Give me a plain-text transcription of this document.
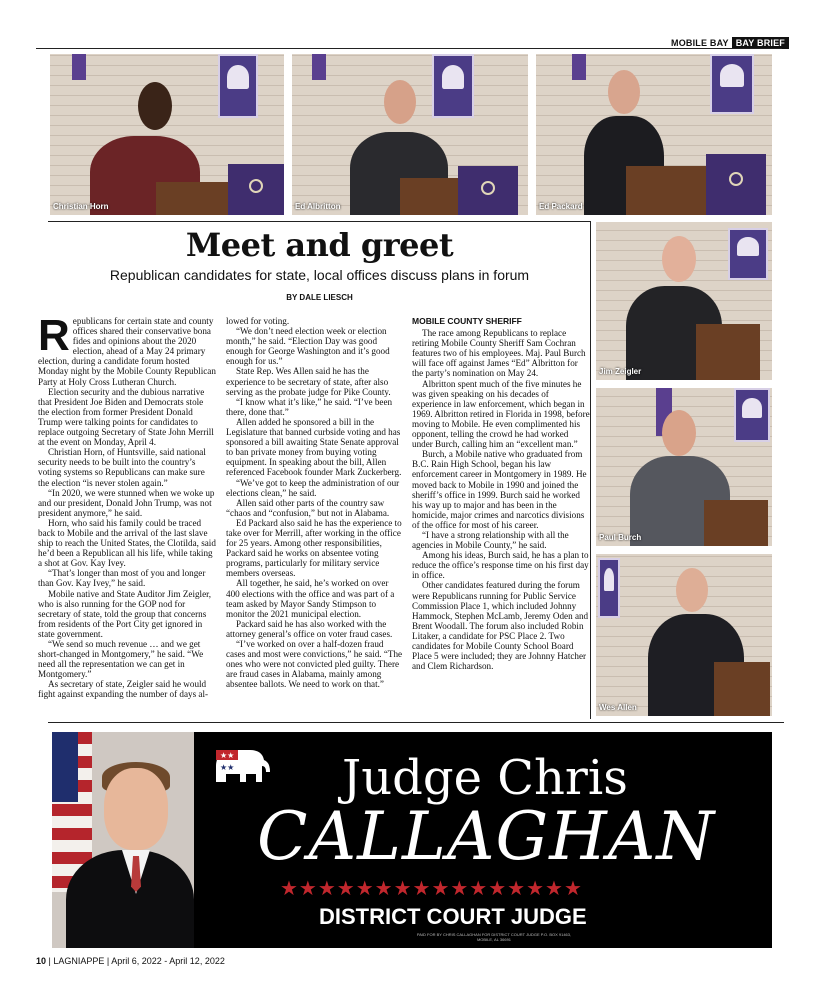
MOBILE BAY BAY BRIEF
Christian Horn	Ed Albritton	Ed Packard
Jim Zeigler
Paul Burch
Wes Allen
Meet and greet
Republican candidates for state, local offices discuss plans in forum
BY DALE LIESCH
R epublicans for certain state and county offices shared their conservative bona fides and opinions about the 2020 election, ahead of a May 24 primary election, during a candidate forum hosted Monday night by the Mobile County Republican Party at Holy Cross Lutheran Church.

Election security and the dubious narrative that President Joe Biden and Democrats stole the election from former President Donald Trump were talking points for candidates to replace outgoing Secretary of State John Merrill at the event on Monday, April 4.

Christian Horn, of Huntsville, said national security needs to be built into the country’s voting systems so Republicans can make sure the election “is never stolen again.”

“In 2020, we were stunned when we woke up and our president, Donald John Trump, was not president anymore,” he said.

Horn, who said his family could be traced back to Mobile and the arrival of the last slave ship to reach the United States, the Clotilda, said he’d been a Republican all his life, while taking a shot at Gov. Kay Ivey.

“That’s longer than most of you and longer than Gov. Kay Ivey,” he said.

Mobile native and State Auditor Jim Zeigler, who is also running for the GOP nod for secretary of state, told the group that concerns from residents of the Port City get ignored in state government.

“We send so much revenue … and we get short-changed in Montgomery,” he said. “We need all the representation we can get in Montgomery.”

As secretary of state, Zeigler said he would fight against expanding the number of days al-

lowed for voting.

“We don’t need election week or election month,” he said. “Election Day was good enough for George Washington and it’s good enough for us.”

State Rep. Wes Allen said he has the experience to be secretary of state, after also serving as the probate judge for Pike County.

“I know what it’s like,” he said. “I’ve been there, done that.”

Allen added he sponsored a bill in the Legislature that banned curbside voting and has sponsored a bill awaiting State Senate approval to ban private money from buying voting equipment. In speaking about the bill, Allen referenced Facebook founder Mark Zuckerberg.

“We’ve got to keep the administration of our elections clean,” he said.

Allen said other parts of the country saw “chaos and “confusion,” but not in Alabama.

Ed Packard also said he has the experience to take over for Merrill, after working in the office for 25 years. Among other responsibilities, Packard said he works on absentee voting programs, particularly for military service members overseas.

All together, he said, he’s worked on over 400 elections with the office and was part of a team asked by Mayor Sandy Stimpson to monitor the 2021 municipal election.

Packard said he has also worked with the attorney general’s office on voter fraud cases.

“I’ve worked on over a half-dozen fraud cases and most were convictions,” he said. “The ones who were not convicted pled guilty. There are fraud cases in Alabama, mainly among absentee ballots. We need to work on that.”

MOBILE COUNTY SHERIFF

The race among Republicans to replace retiring Mobile County Sheriff Sam Cochran features two of his employees. Maj. Paul Burch will face off against James “Ed” Albritton for the party’s nomination on May 24.

Albritton spent much of the five minutes he was given speaking on his decades of experience in law enforcement, which began in 1969. Albritton retired in Florida in 1998, before moving to Mobile. He even complimented his opponent, telling the crowd he had worked under Burch, calling him an “excellent man.”

Burch, a Mobile native who graduated from B.C. Rain High School, began his law enforcement career in Montgomery in 1989. He moved back to Mobile in 1990 and joined the sheriff’s office in 1999. Burch said he worked his way up to major and has been in the homicide, major crimes and narcotics divisions of the office for most of his career.

“I have a strong relationship with all the agencies in Mobile County,” he said.

Among his ideas, Burch said, he has a plan to reduce the office’s response time on his first day in office.

Other candidates featured during the forum were Republicans running for Public Service Commission Place 1, which included Johnny Hammock, Stephen McLamb, Jeremy Oden and Brent Woodall. The forum also included Robin Litaker, a candidate for PSC Place 2. Two candidates for Mobile County School Board Place 5 were included; they are Johnny Hatcher and Clem Richardson.

★★
★★ Judge Chris
CALLAGHAN
★★★★★★★★★★★★★★★★
DISTRICT COURT JUDGE
PAID FOR BY CHRIS CALLAGHAN FOR DISTRICT COURT JUDGE P.O. BOX 91463, MOBILE, AL 36691
10 | LAGNIAPPE | April 6, 2022 - April 12, 2022
